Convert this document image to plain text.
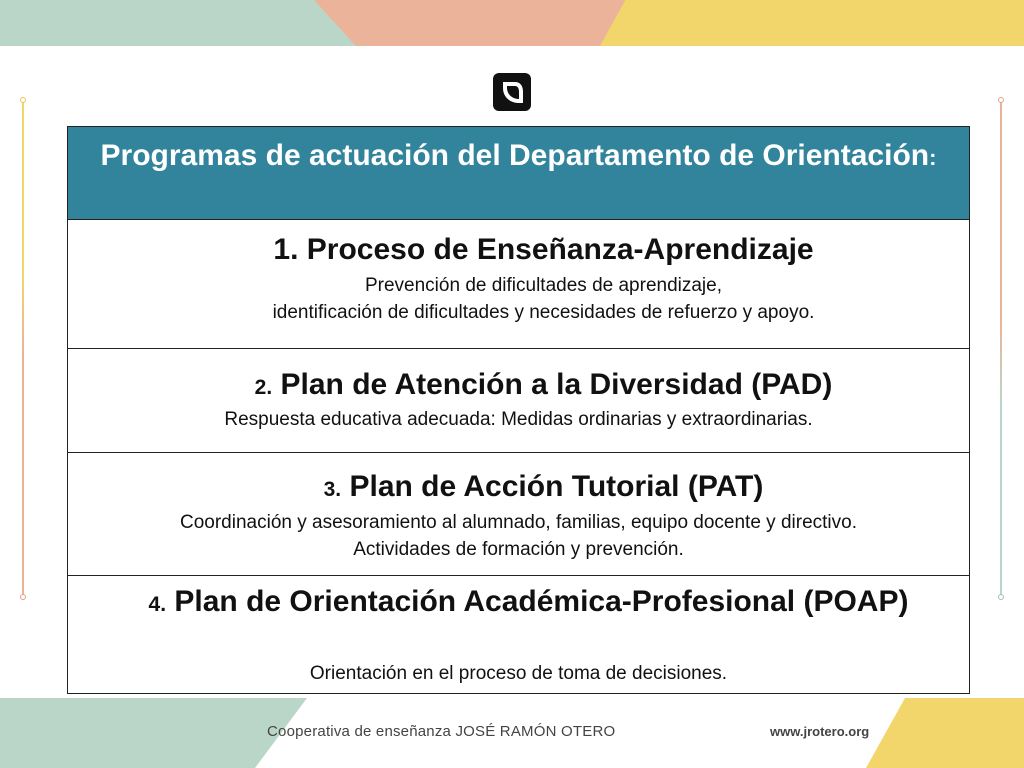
Programas de actuación del Departamento de Orientación:
1. Proceso de Enseñanza-Aprendizaje
Prevención de dificultades de aprendizaje,
identificación de dificultades y necesidades de refuerzo y apoyo.
2. Plan de Atención a la Diversidad (PAD)
Respuesta educativa adecuada: Medidas ordinarias y extraordinarias.
3. Plan de Acción Tutorial (PAT)
Coordinación y asesoramiento al alumnado, familias, equipo docente y directivo.
Actividades de formación y prevención.
4. Plan de Orientación Académica-Profesional (POAP)
Orientación en el proceso de toma de decisiones.
Cooperativa de enseñanza JOSÉ RAMÓN OTERO	www.jrotero.org
